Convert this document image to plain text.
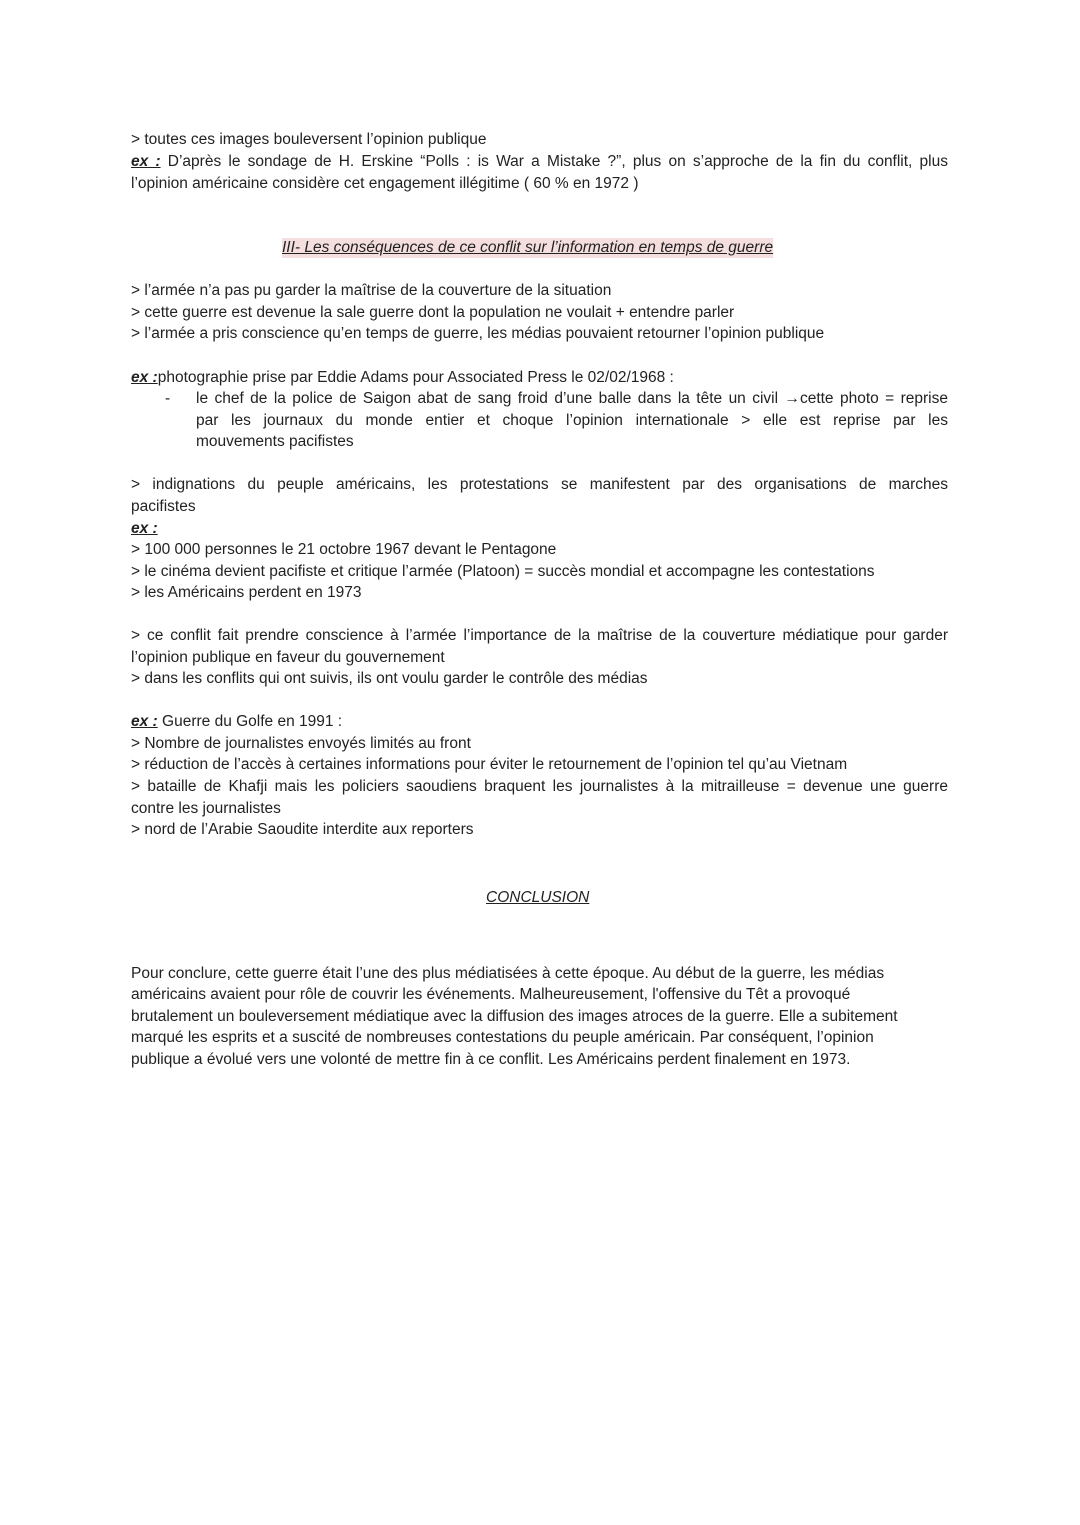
> toutes ces images bouleversent l’opinion publique
ex : D’après le sondage de H. Erskine “Polls : is War a Mistake ?”, plus on s’approche de la fin du conflit, plus
l’opinion américaine considère cet engagement illégitime ( 60 % en 1972 )
III- Les conséquences de ce conflit sur l’information en temps de guerre
> l’armée n’a pas pu garder la maîtrise de la couverture de la situation
> cette guerre est devenue la sale guerre dont la population ne voulait + entendre parler
> l’armée a pris conscience qu’en temps de guerre, les médias pouvaient retourner l’opinion publique
ex :photographie prise par Eddie Adams pour Associated Press le 02/02/1968 :
- le chef de la police de Saigon abat de sang froid d’une balle dans la tête un civil →cette photo = reprise
par les journaux du monde entier et choque l’opinion internationale > elle est reprise par les
mouvements pacifistes
> indignations du peuple américains, les protestations se manifestent par des organisations de marches
pacifistes
ex :
> 100 000 personnes le 21 octobre 1967 devant le Pentagone
> le cinéma devient pacifiste et critique l’armée (Platoon) = succès mondial et accompagne les contestations
> les Américains perdent en 1973
> ce conflit fait prendre conscience à l’armée l’importance de la maîtrise de la couverture médiatique pour garder
l’opinion publique en faveur du gouvernement
> dans les conflits qui ont suivis, ils ont voulu garder le contrôle des médias
ex : Guerre du Golfe en 1991 :
> Nombre de journalistes envoyés limités au front
> réduction de l’accès à certaines informations pour éviter le retournement de l’opinion tel qu’au Vietnam
> bataille de Khafji mais les policiers saoudiens braquent les journalistes à la mitrailleuse = devenue une guerre
contre les journalistes
> nord de l’Arabie Saoudite interdite aux reporters
CONCLUSION
Pour conclure, cette guerre était l’une des plus médiatisées à cette époque. Au début de la guerre, les médias
américains avaient pour rôle de couvrir les événements. Malheureusement, l'offensive du Têt a provoqué
brutalement un bouleversement médiatique avec la diffusion des images atroces de la guerre. Elle a subitement
marqué les esprits et a suscité de nombreuses contestations du peuple américain. Par conséquent, l’opinion
publique a évolué vers une volonté de mettre fin à ce conflit. Les Américains perdent finalement en 1973.
